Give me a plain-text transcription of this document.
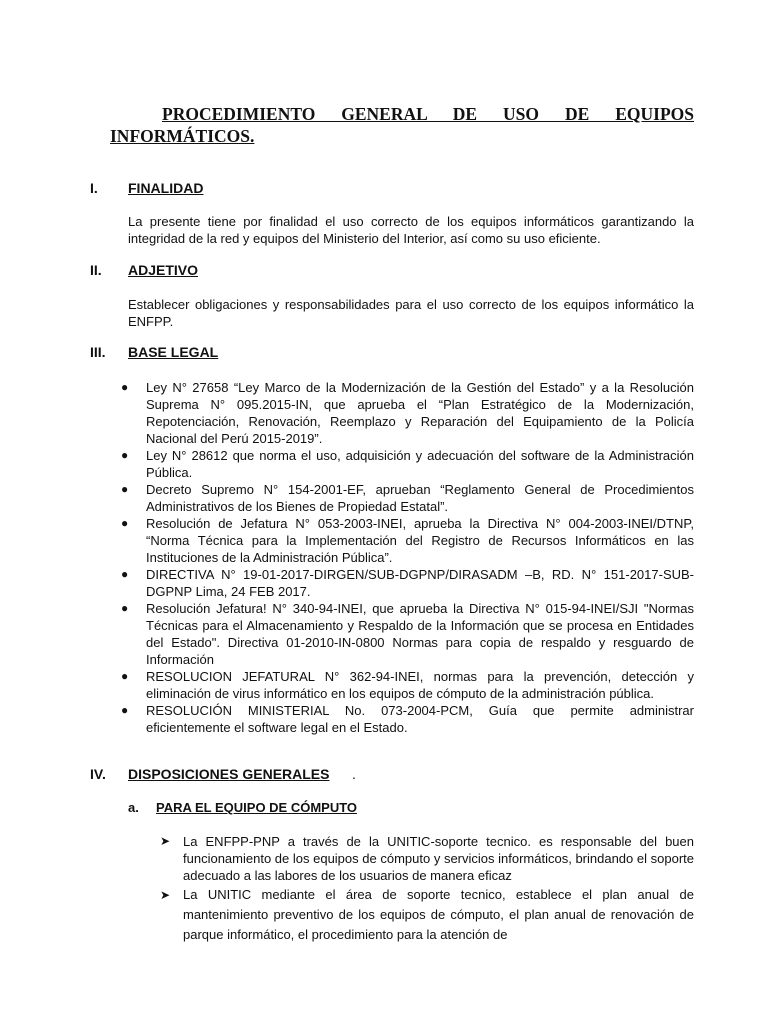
PROCEDIMIENTO GENERAL DE USO DE EQUIPOS
INFORMÁTICOS.
I. FINALIDAD
La presente tiene por finalidad el uso correcto de los equipos informáticos garantizando la integridad de la red y equipos del Ministerio del Interior, así como su uso eficiente.
II. ADJETIVO
Establecer obligaciones y responsabilidades para el uso correcto de los equipos informático la ENFPP.
III. BASE LEGAL
● Ley N° 27658 “Ley Marco de la Modernización de la Gestión del Estado” y a la Resolución Suprema N° 095.2015-IN, que aprueba el “Plan Estratégico de la Modernización, Repotenciación, Renovación, Reemplazo y Reparación del Equipamiento de la Policía Nacional del Perú 2015-2019”.
● Ley N° 28612 que norma el uso, adquisición y adecuación del software de la Administración Pública.
● Decreto Supremo N° 154-2001-EF, aprueban “Reglamento General de Procedimientos Administrativos de los Bienes de Propiedad Estatal”.
● Resolución de Jefatura N° 053-2003-INEI, aprueba la Directiva N° 004-2003-INEI/DTNP, “Norma Técnica para la Implementación del Registro de Recursos Informáticos en las Instituciones de la Administración Pública”.
● DIRECTIVA N° 19-01-2017-DIRGEN/SUB-DGPNP/DIRASADM –B, RD. N° 151-2017-SUB-DGPNP Lima, 24 FEB 2017.
● Resolución Jefatura! N° 340-94-INEI, que aprueba la Directiva N° 015-94-INEI/SJI "Normas Técnicas para el Almacenamiento y Respaldo de la Información que se procesa en Entidades del Estado". Directiva 01-2010-IN-0800 Normas para copia de respaldo y resguardo de Información
● RESOLUCION JEFATURAL N° 362-94-INEI, normas para la prevención, detección y eliminación de virus informático en los equipos de cómputo de la administración pública.
● RESOLUCIÓN MINISTERIAL No. 073-2004-PCM, Guía que permite administrar eficientemente el software legal en el Estado.
IV. DISPOSICIONES GENERALES .
a. PARA EL EQUIPO DE CÓMPUTO
➤ La ENFPP-PNP a través de la UNITIC-soporte tecnico. es responsable del buen funcionamiento de los equipos de cómputo y servicios informáticos, brindando el soporte adecuado a las labores de los usuarios de manera eficaz
➤ La UNITIC mediante el área de soporte tecnico, establece el plan anual de mantenimiento preventivo de los equipos de cómputo, el plan anual de renovación de parque informático, el procedimiento para la atención de
